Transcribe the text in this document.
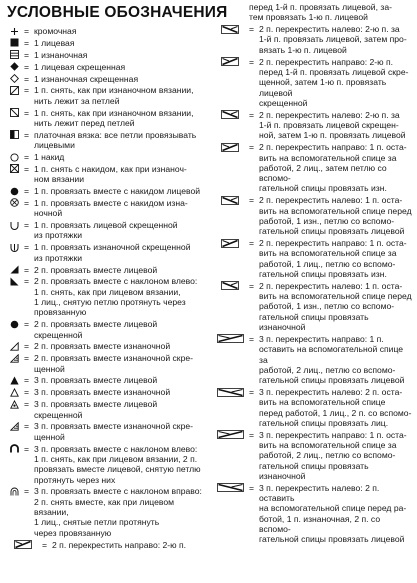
УСЛОВНЫЕ ОБОЗНАЧЕНИЯ
= кромочная
= 1 лицевая
= 1 изнаночная
= 1 лицевая скрещенная
= 1 изнаночная скрещенная
= 1 п. снять, как при изнаночном вязании,
нить лежит за петлей
= 1 п. снять, как при изнаночном вязании,
нить лежит перед петлей
= платочная вязка: все петли провязывать
лицевыми
= 1 накид
= 1 п. снять с накидом, как при изнаноч-
ном вязании
= 1 п. провязать вместе с накидом лицевой
= 1 п. провязать вместе с накидом изна-
ночной
= 1 п. провязать лицевой скрещенной
из протяжки
= 1 п. провязать изнаночной скрещенной
из протяжки
= 2 п. провязать вместе лицевой
= 2 п. провязать вместе с наклоном влево:
1 п. снять, как при лицевом вязании,
1 лиц., снятую петлю протянуть через
провязанную
= 2 п. провязать вместе лицевой скрещенной
= 2 п. провязать вместе изнаночной
= 2 п. провязать вместе изнаночной скре-
щенной
= 3 п. провязать вместе лицевой
= 3 п. провязать вместе изнаночной
= 3 п. провязать вместе лицевой скрещенной
= 3 п. провязать вместе изнаночной скре-
щенной
= 3 п. провязать вместе с наклоном влево:
1 п. снять, как при лицевом вязании, 2 п.
провязать вместе лицевой, снятую петлю
протянуть через них
= 3 п. провязать вместе с наклоном вправо:
2 п. снять вместе, как при лицевом вязании,
1 лиц., снятые петли протянуть
через провязанную
= 2 п. перекрестить направо: 2-ю п.
перед 1-й п. провязать лицевой, за-
тем провязать 1-ю п. лицевой
= 2 п. перекрестить налево: 2-ю п. за
1-й п. провязать лицевой, затем про-
вязать 1-ю п. лицевой
= 2 п. перекрестить направо: 2-ю п.
перед 1-й п. провязать лицевой скре-
щенной, затем 1-ю п. провязать лицевой
скрещенной
= 2 п. перекрестить налево: 2-ю п. за
1-й п. провязать лицевой скрещен-
ной, затем 1-ю п. провязать лицевой
= 2 п. перекрестить направо: 1 п. оста-
вить на вспомогательной спице за
работой, 2 лиц., затем петлю со вспомо-
гательной спицы провязать изн.
= 2 п. перекрестить налево: 1 п. оста-
вить на вспомогательной спице перед
работой, 1 изн., петлю со вспомо-
гательной спицы провязать лицевой
= 2 п. перекрестить направо: 1 п. оста-
вить на вспомогательной спице за
работой, 1 лиц., петлю со вспомо-
гательной спицы провязать изн.
= 2 п. перекрестить налево: 1 п. оста-
вить на вспомогательной спице перед
работой, 1 изн., петлю со вспомо-
гательной спицы провязать изнаночной
= 3 п. перекрестить направо: 1 п.
оставить на вспомогательной спице за
работой, 2 лиц., петлю со вспомо-
гательной спицы провязать лицевой
= 3 п. перекрестить налево: 2 п. оста-
вить на вспомогательной спице
перед работой, 1 лиц., 2 п. со вспомо-
гательной спицы провязать лиц.
= 3 п. перекрестить направо: 1 п. оста-
вить на вспомогательной спице за
работой, 2 лиц., петлю со вспомо-
гательной спицы провязать изнаночной
= 3 п. перекрестить налево: 2 п. оставить
на вспомогательной спице перед ра-
ботой, 1 п. изнаночная, 2 п. со вспомо-
гательной спицы провязать лицевой
